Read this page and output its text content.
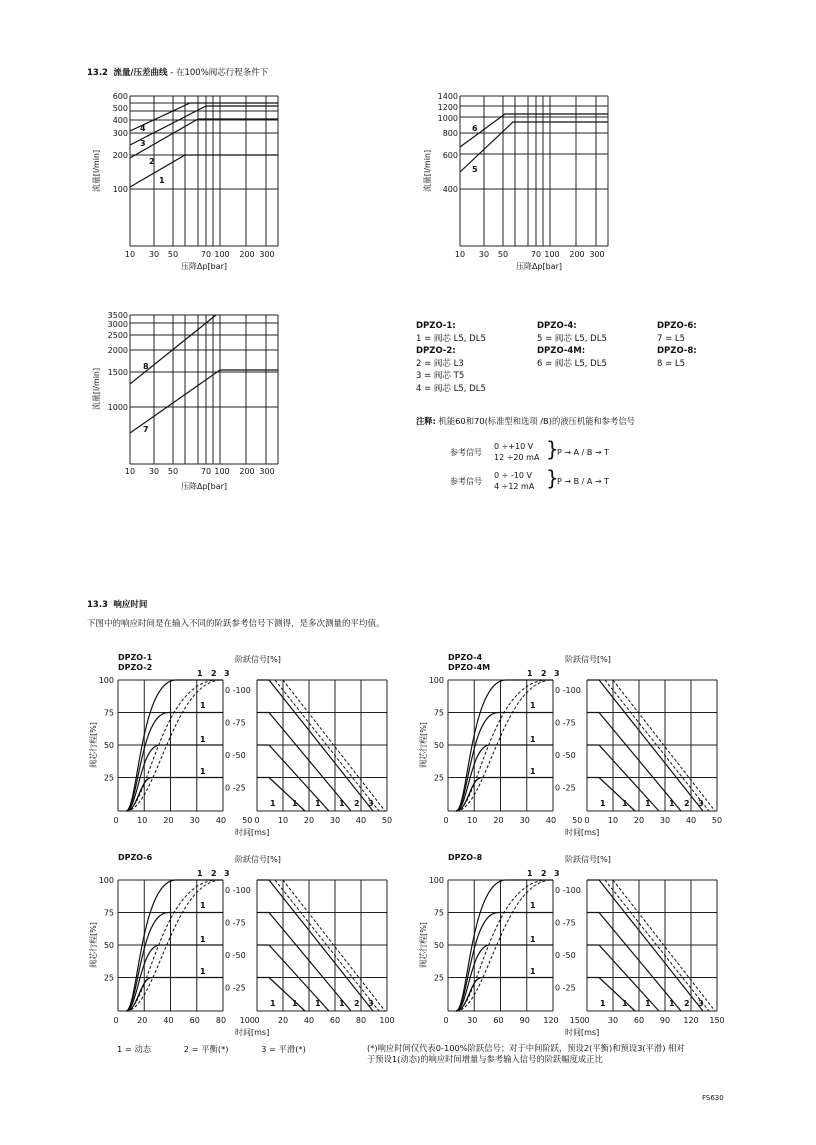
13.2 流量/压差曲线 - 在100%阀芯行程条件下
4
3
2
1
600
500
400
300
200
100
10 30 50	70 100 200 300
压降Δp[bar]
流量[l/min]
6
5
1400
1200
1000
800
600
400
10 30 50	70 100 200 300
压降Δp[bar]
流量[l/min]
8
7
3500
3000
2500
2000
1500
1000
10 30 50	70 100 200 300
压降Δp[bar]
流量[l/min]
DPZO-1:
1 = 阀芯 L5, DL5
DPZO-2:
2 = 阀芯 L3
3 = 阀芯 T5
4 = 阀芯 L5, DL5
DPZO-4:
5 = 阀芯 L5, DL5
DPZO-4M:
6 = 阀芯 L5, DL5
DPZO-6:
7 = L5
DPZO-8:
8 = L5
注释: 机能60和70(标准型和选项 /B)的液压机能和参考信号
参考信号
0 ÷+10 V
12 ÷20 mA }
P → A / B → T
参考信号
0 ÷ -10 V
4 ÷12 mA }
P → B / A → T
13.3 响应时间
下图中的响应时间是在输入不同的阶跃参考信号下测得，是多次测量的平均值。
0 -100
0 -75
0 -50
0 -25
1 2 3
1
1
1
1 1 1 1 2 3
100
75
50
25
阀芯行程[%]
0 10 20 30 40 50	10 20 30 40 50
0
时间[ms]
阶跃信号[%]
DPZO-1
DPZO-2
0 -100
0 -75
0 -50
0 -25
1 2 3
1
1
1
1 1 1 1 2 3
100
75
50
25
阀芯行程[%]
0 10 20 30 40 50	10 20 30 40 50
0
时间[ms]
阶跃信号[%]
DPZO-4
DPZO-4M
0 -100
0 -75
0 -50
0 -25
1 2 3
1
1
1
1 1 1 1 2 3
100
75
50
25
阀芯行程[%]
0 20 40 60 80 100	20 40 60 80 100
0
时间[ms]
阶跃信号[%]
DPZO-6
0 -100
0 -75
0 -50
0 -25
1 2 3
1
1
1
1 1 1 1 2 3
100
75
50
25
阀芯行程[%]
0 30 60 90 120 150	30 60 90 120 150
0
时间[ms]
阶跃信号[%]
DPZO-8
1 = 动态	2 = 平衡(*)	3 = 平滑(*)	(*)响应时间仅代表0-100%阶跃信号；对于中间阶跃，预设2(平衡)和预设3(平滑) 相对
于预设1(动态)的响应时间增量与参考输入信号的阶跃幅度成正比
FS630
